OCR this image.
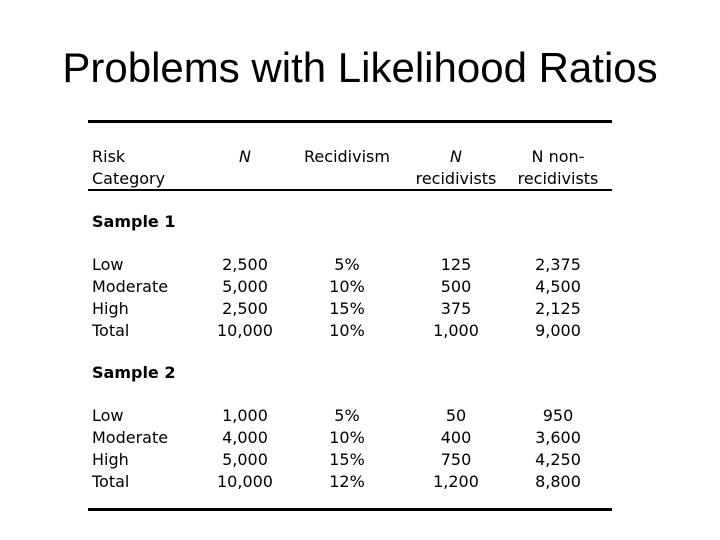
Problems with Likelihood Ratios
Risk
Category
N	Recidivism	N
recidivists
N non-
recidivists
Sample 1
Low
Moderate
High
Total
2,500
5,000
2,500
10,000
5%
10%
15%
10%
125
500
375
1,000
2,375
4,500
2,125
9,000
Sample 2
Low
Moderate
High
Total
1,000
4,000
5,000
10,000
5%
10%
15%
12%
50
400
750
1,200
950
3,600
4,250
8,800
